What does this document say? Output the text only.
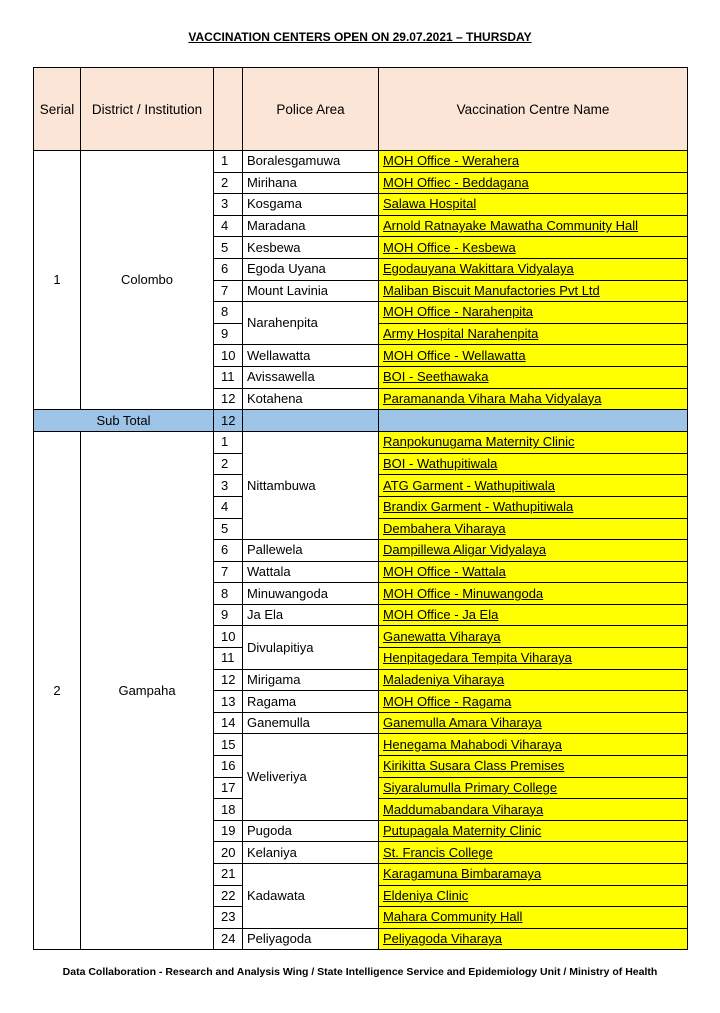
VACCINATION CENTERS OPEN ON 29.07.2021 – THURSDAY
Serial	District / Institution		Police Area	Vaccination Centre Name
1	Colombo	1	Boralesgamuwa	MOH Office - Werahera
		2	Mirihana	MOH Offiec - Beddagana
		3	Kosgama	Salawa Hospital
		4	Maradana	Arnold Ratnayake Mawatha Community Hall
		5	Kesbewa	MOH Office - Kesbewa
		6	Egoda Uyana	Egodauyana Wakittara Vidyalaya
		7	Mount Lavinia	Maliban Biscuit Manufactories Pvt Ltd
		8	Narahenpita	MOH Office - Narahenpita
		9		Army Hospital Narahenpita
		10	Wellawatta	MOH Office - Wellawatta
		11	Avissawella	BOI - Seethawaka
		12	Kotahena	Paramananda Vihara Maha Vidyalaya
Sub Total		12		
2	Gampaha	1	Nittambuwa	Ranpokunugama Maternity Clinic
		2		BOI - Wathupitiwala
		3		ATG Garment - Wathupitiwala
		4		Brandix Garment - Wathupitiwala
		5		Dembahera Viharaya
		6	Pallewela	Dampillewa Aligar Vidyalaya
		7	Wattala	MOH Office - Wattala
		8	Minuwangoda	MOH Office - Minuwangoda
		9	Ja Ela	MOH Office - Ja Ela
		10	Divulapitiya	Ganewatta Viharaya
		11		Henpitagedara Tempita Viharaya
		12	Mirigama	Maladeniya Viharaya
		13	Ragama	MOH Office - Ragama
		14	Ganemulla	Ganemulla Amara Viharaya
		15	Weliveriya	Henegama Mahabodi Viharaya
		16		Kirikitta Susara Class Premises
		17		Siyaralumulla Primary College
		18		Maddumabandara Viharaya
		19	Pugoda	Putupagala Maternity Clinic
		20	Kelaniya	St. Francis College
		21	Kadawata	Karagamuna Bimbaramaya
		22		Eldeniya Clinic
		23		Mahara Community Hall
		24	Peliyagoda	Peliyagoda Viharaya
Data Collaboration - Research and Analysis Wing / State Intelligence Service and Epidemiology Unit / Ministry of Health
